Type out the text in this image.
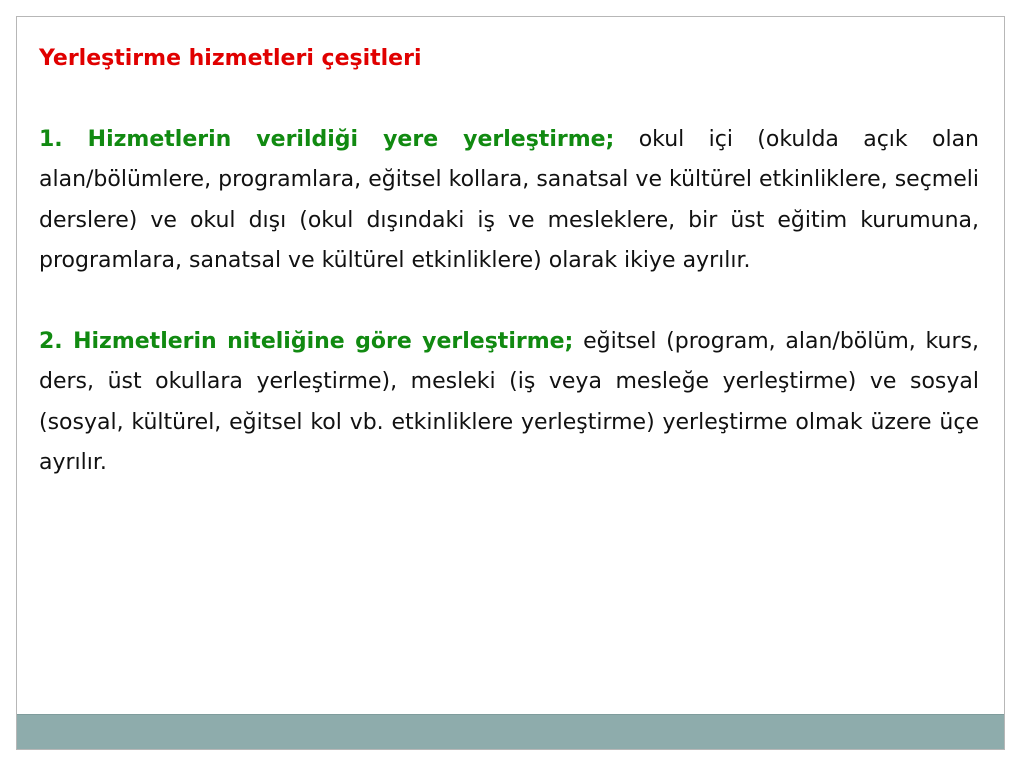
Yerleştirme hizmetleri çeşitleri

1. Hizmetlerin verildiği yere yerleştirme; okul içi (okulda açık olan alan/bölümlere, programlara, eğitsel kollara, sanatsal ve kültürel etkinliklere, seçmeli derslere) ve okul dışı (okul dışındaki iş ve mesleklere, bir üst eğitim kurumuna, programlara, sanatsal ve kültürel etkinliklere) olarak ikiye ayrılır.

2. Hizmetlerin niteliğine göre yerleştirme; eğitsel (program, alan/bölüm, kurs, ders, üst okullara yerleştirme), mesleki (iş veya mesleğe yerleştirme) ve sosyal (sosyal, kültürel, eğitsel kol vb. etkinliklere yerleştirme) yerleştirme olmak üzere üçe ayrılır.
